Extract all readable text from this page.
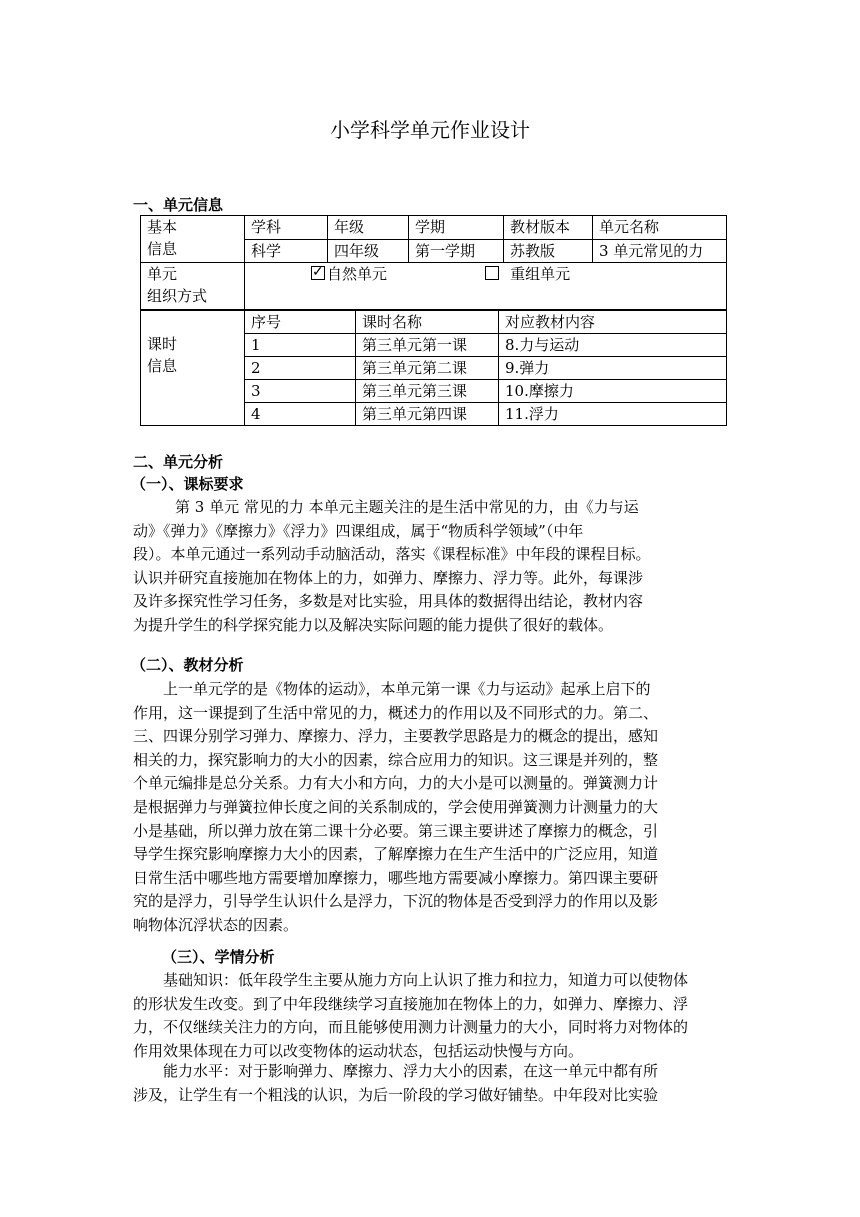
小学科学单元作业设计
一、单元信息
基本
信息	学科	年级	学期	教材版本	单元名称
	科学	四年级	第一学期	苏教版	3 单元常见的力

单元
组织方式
	✓自然单元 重组单元
课时
信息	序号	课时名称	对应教材内容
	1	第三单元第一课	8.力与运动
	2	第三单元第二课	9.弹力
	3	第三单元第三课	10.摩擦力
	4	第三单元第四课	11.浮力
二、单元分析
（一）、课标要求
第 3 单元 常见的力 本单元主题关注的是生活中常见的力，由《力与运
动》《弹力》《摩擦力》《浮力》四课组成，属于“物质科学领域”（中年
段）。本单元通过一系列动手动脑活动，落实《课程标准》中年段的课程目标。
认识并研究直接施加在物体上的力，如弹力、摩擦力、浮力等。此外，每课涉
及许多探究性学习任务，多数是对比实验，用具体的数据得出结论，教材内容
为提升学生的科学探究能力以及解决实际问题的能力提供了很好的载体。
（二）、教材分析
上一单元学的是《物体的运动》，本单元第一课《力与运动》起承上启下的
作用，这一课提到了生活中常见的力，概述力的作用以及不同形式的力。第二、
三、四课分别学习弹力、摩擦力、浮力，主要教学思路是力的概念的提出，感知
相关的力，探究影响力的大小的因素，综合应用力的知识。这三课是并列的，整
个单元编排是总分关系。力有大小和方向，力的大小是可以测量的。弹簧测力计
是根据弹力与弹簧拉伸长度之间的关系制成的，学会使用弹簧测力计测量力的大
小是基础，所以弹力放在第二课十分必要。第三课主要讲述了摩擦力的概念，引
导学生探究影响摩擦力大小的因素，了解摩擦力在生产生活中的广泛应用，知道
日常生活中哪些地方需要增加摩擦力，哪些地方需要减小摩擦力。第四课主要研
究的是浮力，引导学生认识什么是浮力，下沉的物体是否受到浮力的作用以及影
响物体沉浮状态的因素。
（三）、学情分析
基础知识：低年段学生主要从施力方向上认识了推力和拉力，知道力可以使物体
的形状发生改变。到了中年段继续学习直接施加在物体上的力，如弹力、摩擦力、浮
力，不仅继续关注力的方向，而且能够使用测力计测量力的大小，同时将力对物体的
作用效果体现在力可以改变物体的运动状态，包括运动快慢与方向。
能力水平：对于影响弹力、摩擦力、浮力大小的因素，在这一单元中都有所
涉及，让学生有一个粗浅的认识，为后一阶段的学习做好铺垫。中年段对比实验
